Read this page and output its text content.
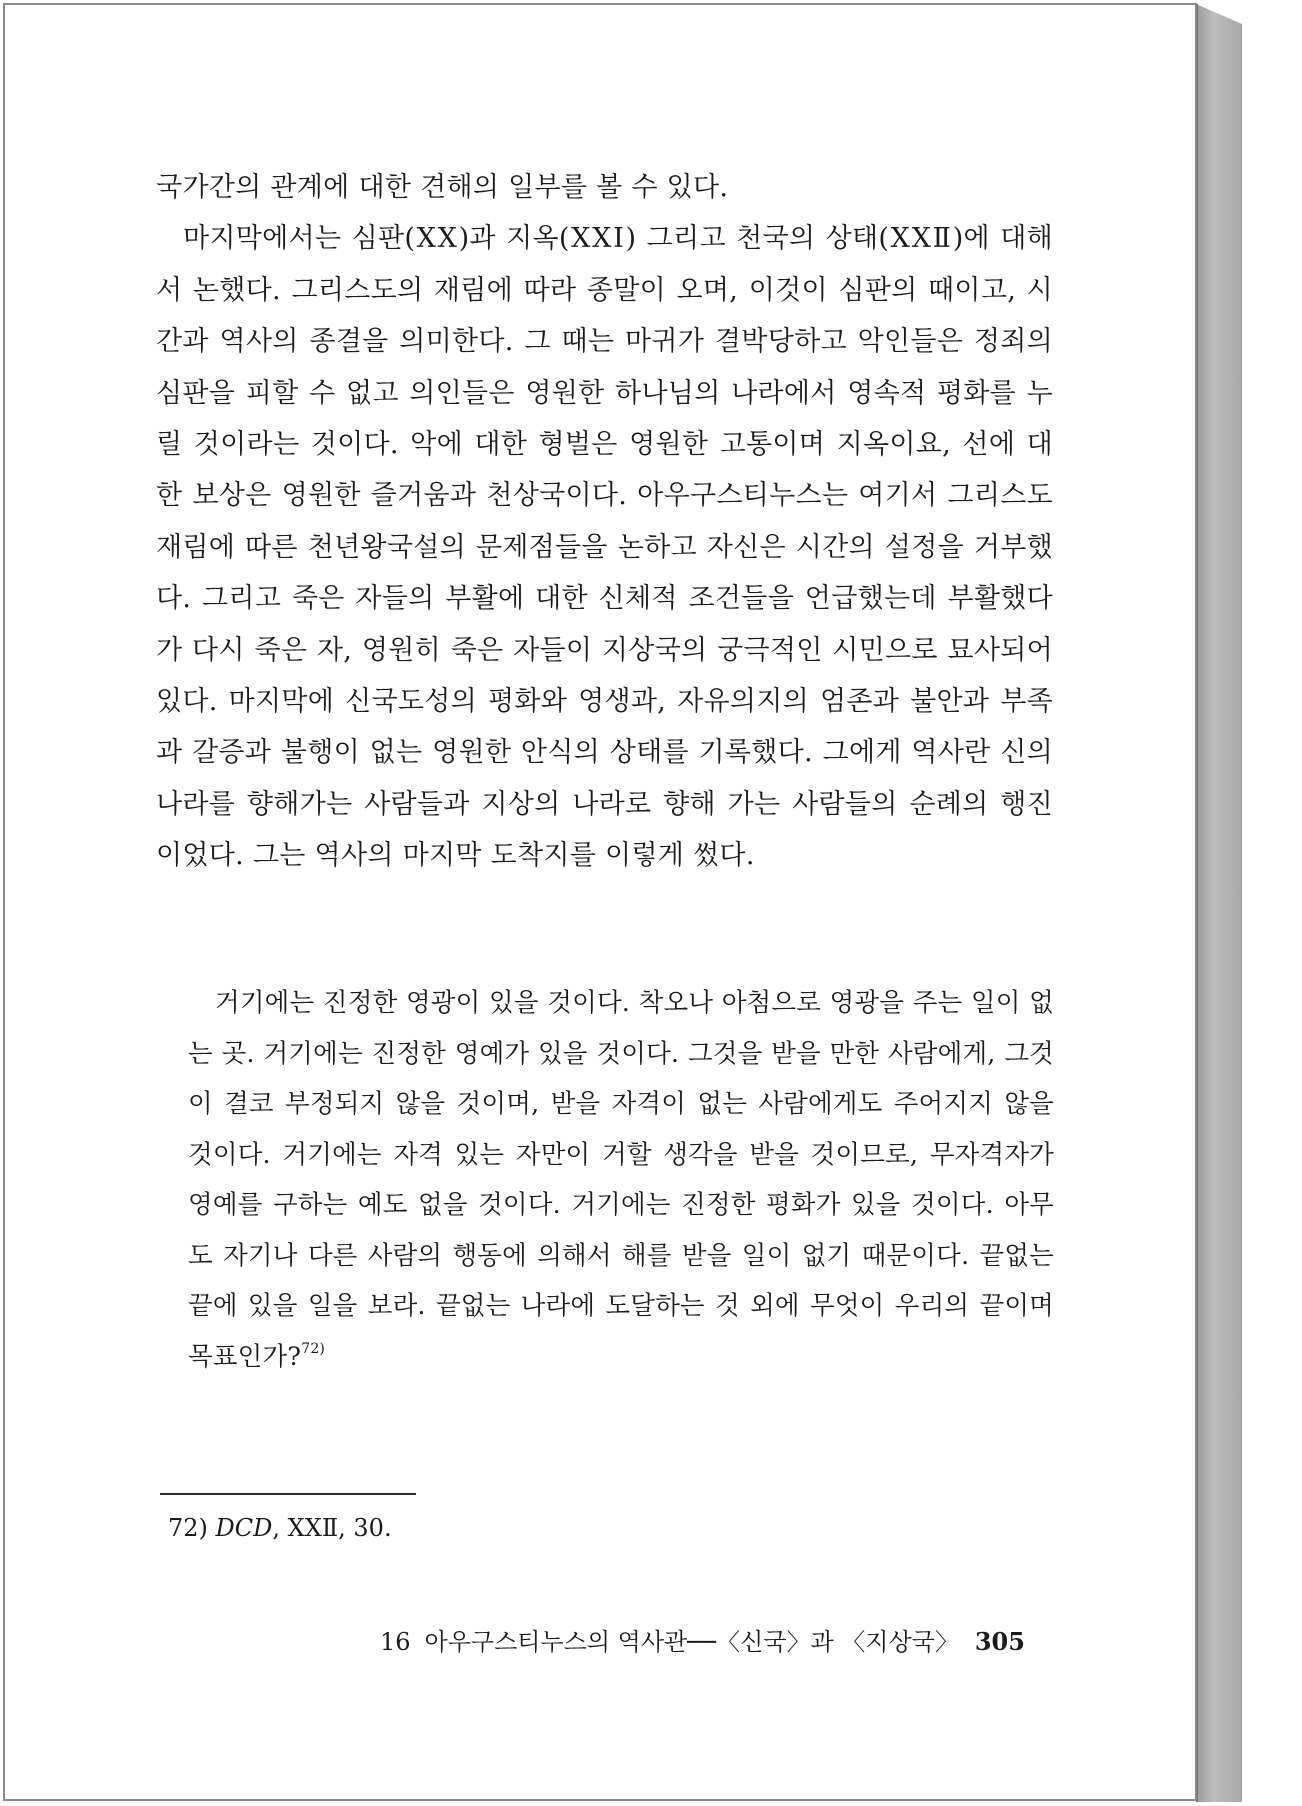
국가간의 관계에 대한 견해의 일부를 볼 수 있다.

마지막에서는 심판(ⅩⅩ)과 지옥(ⅩⅩⅠ) 그리고 천국의 상태(ⅩⅩⅡ)에 대해서 논했다. 그리스도의 재림에 따라 종말이 오며, 이것이 심판의 때이고, 시간과 역사의 종결을 의미한다. 그 때는 마귀가 결박당하고 악인들은 정죄의 심판을 피할 수 없고 의인들은 영원한 하나님의 나라에서 영속적 평화를 누릴 것이라는 것이다. 악에 대한 형벌은 영원한 고통이며 지옥이요, 선에 대한 보상은 영원한 즐거움과 천상국이다. 아우구스티누스는 여기서 그리스도 재림에 따른 천년왕국설의 문제점들을 논하고 자신은 시간의 설정을 거부했다. 그리고 죽은 자들의 부활에 대한 신체적 조건들을 언급했는데 부활했다가 다시 죽은 자, 영원히 죽은 자들이 지상국의 궁극적인 시민으로 묘사되어 있다. 마지막에 신국도성의 평화와 영생과, 자유의지의 엄존과 불안과 부족과 갈증과 불행이 없는 영원한 안식의 상태를 기록했다. 그에게 역사란 신의 나라를 향해가는 사람들과 지상의 나라로 향해 가는 사람들의 순례의 행진이었다. 그는 역사의 마지막 도착지를 이렇게 썼다.

거기에는 진정한 영광이 있을 것이다. 착오나 아첨으로 영광을 주는 일이 없는 곳. 거기에는 진정한 영예가 있을 것이다. 그것을 받을 만한 사람에게, 그것이 결코 부정되지 않을 것이며, 받을 자격이 없는 사람에게도 주어지지 않을 것이다. 거기에는 자격 있는 자만이 거할 생각을 받을 것이므로, 무자격자가 영예를 구하는 예도 없을 것이다. 거기에는 진정한 평화가 있을 것이다. 아무도 자기나 다른 사람의 행동에 의해서 해를 받을 일이 없기 때문이다. 끝없는 끝에 있을 일을 보라. 끝없는 나라에 도달하는 것 외에 무엇이 우리의 끝이며 목표인가?$^{72)}$

72) DCD, ⅩⅩⅡ, 30.
16 아우구스티누스의 역사관──〈신국〉과 〈지상국〉 305
